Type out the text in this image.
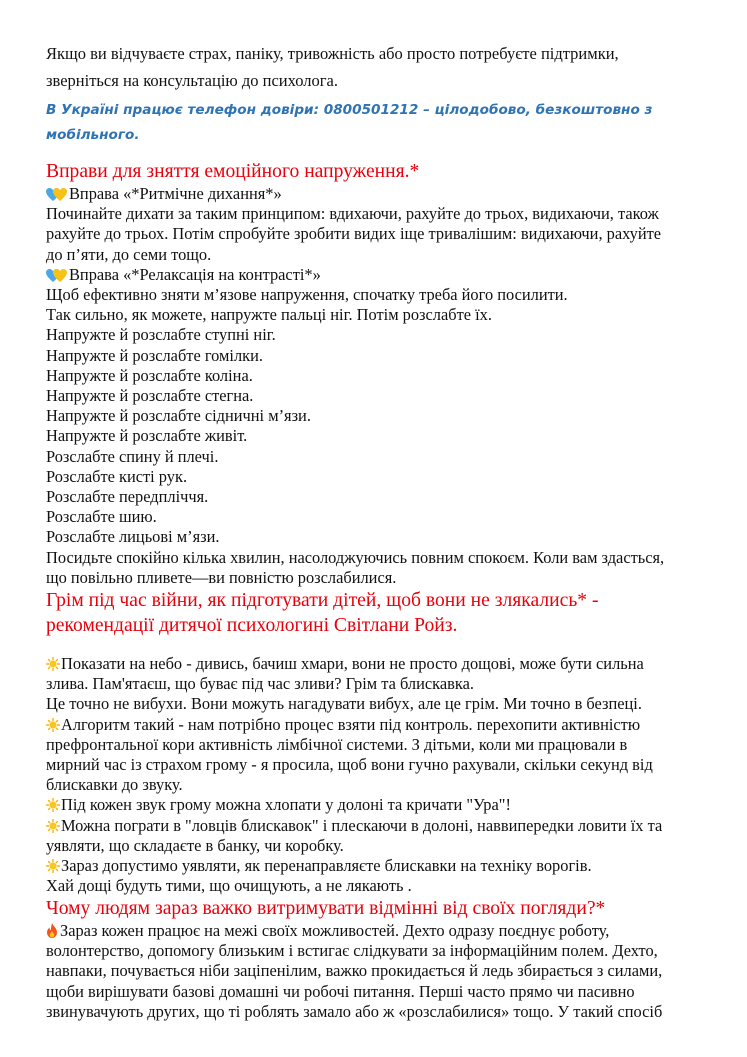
Якщо ви відчуваєте страх, паніку, тривожність або просто потребуєте підтримки,
зверніться на консультацію до психолога.

В Україні працює телефон довіри: 0800501212 – цілодобово, безкоштовно з
мобільного.

Вправи для зняття емоційного напруження.*
Вправа «*Ритмічне дихання*»
Починайте дихати за таким принципом: вдихаючи, рахуйте до трьох, видихаючи, також
рахуйте до трьох. Потім спробуйте зробити видих іще тривалішим: видихаючи, рахуйте
до п’яти, до семи тощо.
Вправа «*Релаксація на контрасті*»
Щоб ефективно зняти м’язове напруження, спочатку треба його посилити.
Так сильно, як можете, напружте пальці ніг. Потім розслабте їх.
Напружте й розслабте ступні ніг.
Напружте й розслабте гомілки.
Напружте й розслабте коліна.
Напружте й розслабте стегна.
Напружте й розслабте сідничні м’язи.
Напружте й розслабте живіт.
Розслабте спину й плечі.
Розслабте кисті рук.
Розслабте передпліччя.
Розслабте шию.
Розслабте лицьові м’язи.
Посидьте спокійно кілька хвилин, насолоджуючись повним спокоєм. Коли вам здасться,
що повільно пливете—ви повністю розслабилися.
Грім під час війни, як підготувати дітей, щоб вони не злякались* -
рекомендації дитячої психологині Світлани Ройз.
Показати на небо - дивись, бачиш хмари, вони не просто дощові, може бути сильна
злива. Пам'ятаєш, що буває під час зливи? Грім та блискавка.
Це точно не вибухи. Вони можуть нагадувати вибух, але це грім. Ми точно в безпеці.
Алгоритм такий - нам потрібно процес взяти під контроль. перехопити активністю
префронтальної кори активність лімбічної системи. З дітьми, коли ми працювали в
мирний час із страхом грому - я просила, щоб вони гучно рахували, скільки секунд від
блискавки до звуку.
Під кожен звук грому можна хлопати у долоні та кричати "Ура"!
Можна пограти в "ловців блискавок" і плескаючи в долоні, наввипередки ловити їх та
уявляти, що складаєте в банку, чи коробку.
Зараз допустимо уявляти, як перенаправляєте блискавки на техніку ворогів.
Хай дощі будуть тими, що очищують, а не лякають .
Чому людям зараз важко витримувати відмінні від своїх погляди?*
Зараз кожен працює на межі своїх можливостей. Дехто одразу поєднує роботу,
волонтерство, допомогу близьким і встигає слідкувати за інформаційним полем. Дехто,
навпаки, почувається ніби заціпенілим, важко прокидається й ледь збирається з силами,
щоби вирішувати базові домашні чи робочі питання. Перші часто прямо чи пасивно
звинувачують других, що ті роблять замало або ж «розслабилися» тощо. У такий спосіб
